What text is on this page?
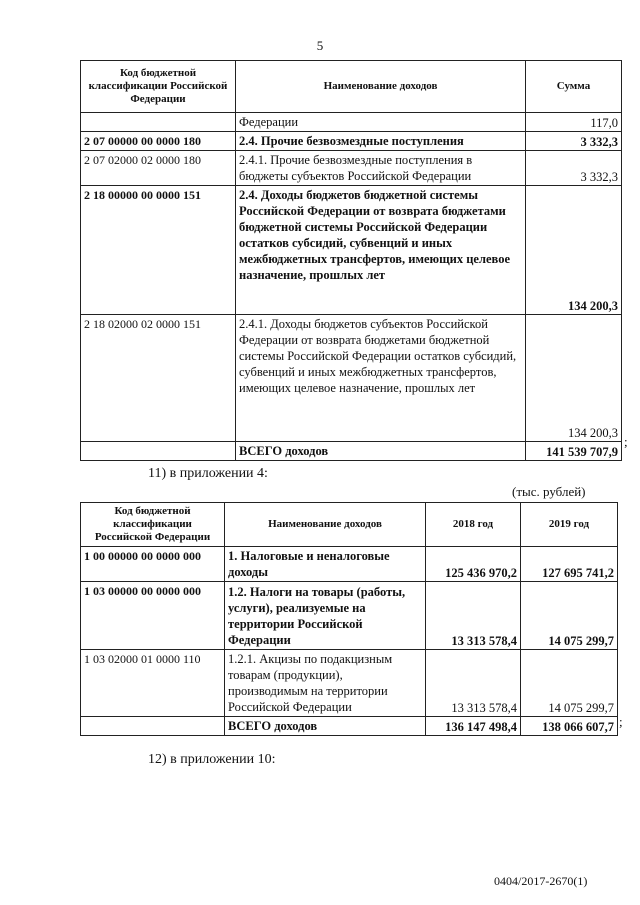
5
Код бюджетной классификации Российской Федерации	Наименование доходов	Сумма
	Федерации	117,0
2 07 00000 00 0000 180	2.4. Прочие безвозмездные поступления	3 332,3
2 07 02000 02 0000 180	2.4.1. Прочие безвозмездные поступления в бюджеты субъектов Российской Федерации	3 332,3
2 18 00000 00 0000 151	2.4. Доходы бюджетов бюджетной системы Российской Федерации от возврата бюджетами бюджетной системы Российской Федерации остатков субсидий, субвенций и иных межбюджетных трансфертов, имеющих целевое назначение, прошлых лет	134 200,3
2 18 02000 02 0000 151	2.4.1. Доходы бюджетов субъектов Российской Федерации от возврата бюджетами бюджетной системы Российской Федерации остатков субсидий, субвенций и иных межбюджетных трансфертов, имеющих целевое назначение, прошлых лет	134 200,3
	ВСЕГО доходов	141 539 707,9
;
11) в приложении 4:
(тыс. рублей)
Код бюджетной классификации Российской Федерации	Наименование доходов	2018 год	2019 год
1 00 00000 00 0000 000	1. Налоговые и неналоговые доходы	125 436 970,2	127 695 741,2
1 03 00000 00 0000 000	1.2. Налоги на товары (работы, услуги), реализуемые на территории Российской Федерации	13 313 578,4	14 075 299,7
1 03 02000 01 0000 110	1.2.1. Акцизы по подакцизным товарам (продукции), производимым на территории Российской Федерации	13 313 578,4	14 075 299,7
	ВСЕГО доходов	136 147 498,4	138 066 607,7 ;
12) в приложении 10:
0404/2017-2670(1)
